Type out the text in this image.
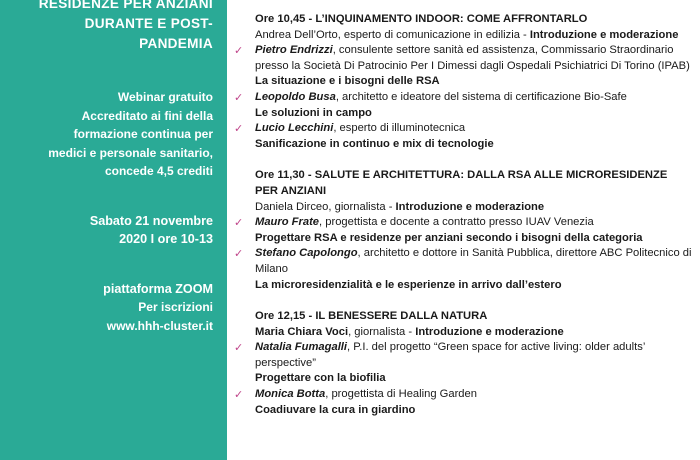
RESIDENZE PER ANZIANI
DURANTE E POST-
PANDEMIA
Webinar gratuito
Accreditato ai fini della
formazione continua per
medici e personale sanitario,
concede 4,5 crediti
Sabato 21 novembre
2020 I ore 10-13
piattaforma ZOOM
Per iscrizioni
www.hhh-cluster.it
Ore 10,45 - L’INQUINAMENTO INDOOR: COME AFFRONTARLO
Andrea Dell’Orto, esperto di comunicazione in edilizia - Introduzione e moderazione
✓ Pietro Endrizzi, consulente settore sanità ed assistenza, Commissario Straordinario presso la Società Di Patrocinio Per I Dimessi dagli Ospedali Psichiatrici Di Torino (IPAB)
La situazione e i bisogni delle RSA
✓ Leopoldo Busa, architetto e ideatore del sistema di certificazione Bio-Safe
Le soluzioni in campo
✓ Lucio Lecchini, esperto di illuminotecnica
Sanificazione in continuo e mix di tecnologie
Ore 11,30 - SALUTE E ARCHITETTURA: DALLA RSA ALLE MICRORESIDENZE PER ANZIANI
Daniela Dirceo, giornalista - Introduzione e moderazione
✓ Mauro Frate, progettista e docente a contratto presso IUAV Venezia
Progettare RSA e residenze per anziani secondo i bisogni della categoria
✓ Stefano Capolongo, architetto e dottore in Sanità Pubblica, direttore ABC Politecnico di Milano
La microresidenzialità e le esperienze in arrivo dall’estero
Ore 12,15 - IL BENESSERE DALLA NATURA
Maria Chiara Voci, giornalista - Introduzione e moderazione
✓ Natalia Fumagalli, P.I. del progetto “Green space for active living: older adults’ perspective”
Progettare con la biofilia
✓ Monica Botta, progettista di Healing Garden
Coadiuvare la cura in giardino
